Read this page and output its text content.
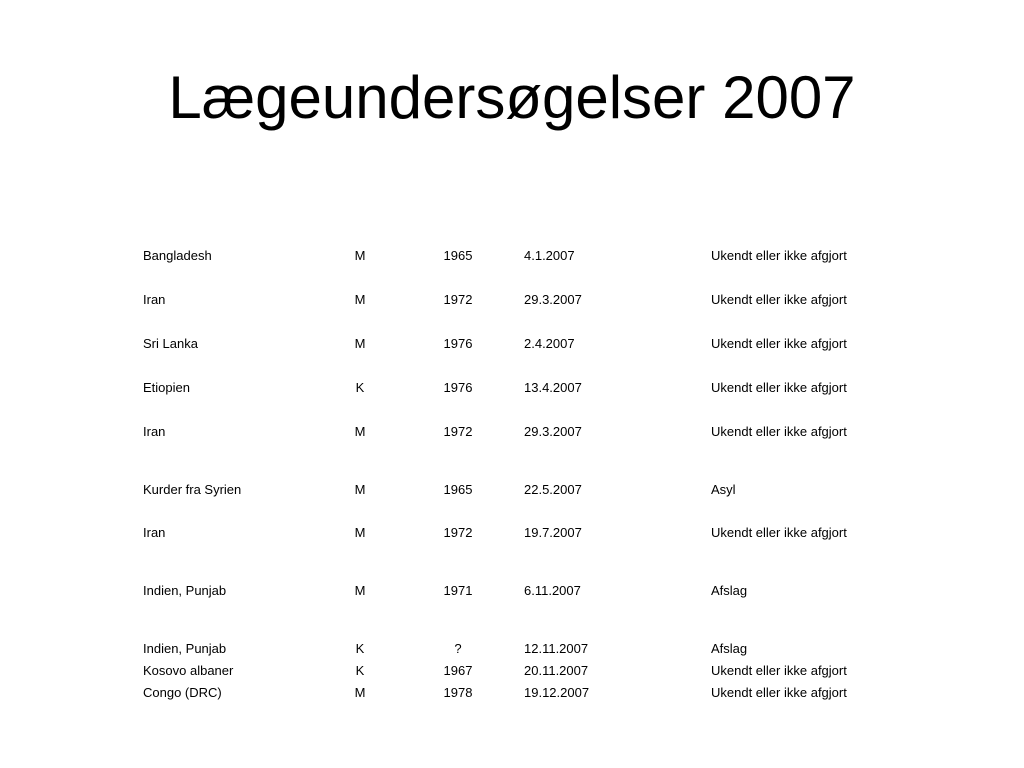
Lægeundersøgelser 2007
Bangladesh	M	1965	4.1.2007	Ukendt eller ikke afgjort
Iran	M	1972	29.3.2007	Ukendt eller ikke afgjort
Sri Lanka	M	1976	2.4.2007	Ukendt eller ikke afgjort
Etiopien	K	1976	13.4.2007	Ukendt eller ikke afgjort
Iran	M	1972	29.3.2007	Ukendt eller ikke afgjort
Kurder fra Syrien	M	1965	22.5.2007	Asyl
Iran	M	1972	19.7.2007	Ukendt eller ikke afgjort
Indien, Punjab	M	1971	6.11.2007	Afslag
Indien, Punjab	K	?	12.11.2007	Afslag
Kosovo albaner	K	1967	20.11.2007	Ukendt eller ikke afgjort
Congo (DRC)	M	1978	19.12.2007	Ukendt eller ikke afgjort
